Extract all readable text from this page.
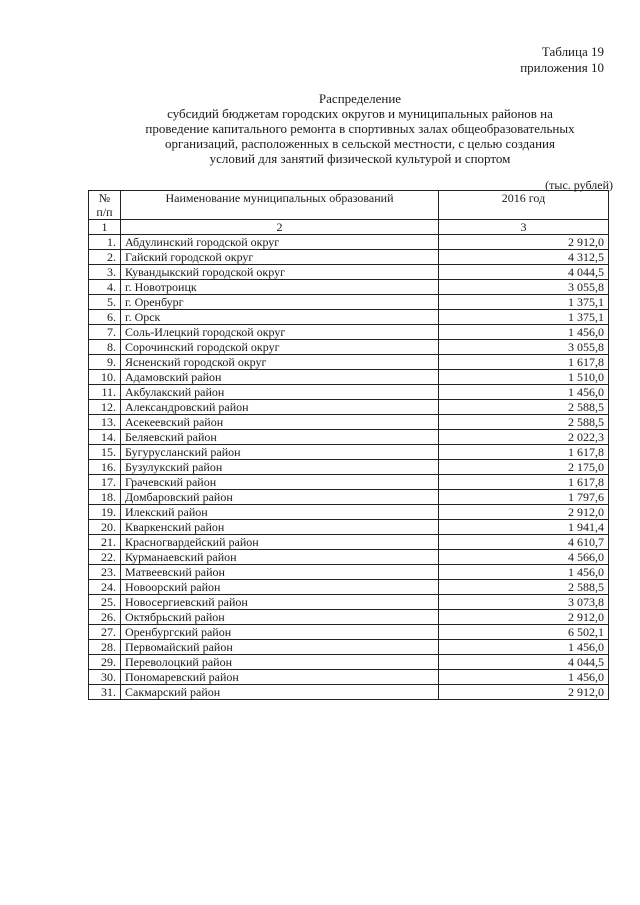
Таблица 19
приложения 10
Распределение
субсидий бюджетам городских округов и муниципальных районов на
проведение капитального ремонта в спортивных залах общеобразовательных
организаций, расположенных в сельской местности, с целью создания
условий для занятий физической культурой и спортом
(тыс. рублей)
№ п/п	Наименование муниципальных образований	2016 год
1	2	3
1.	Абдулинский городской округ	2 912,0
2.	Гайский городской округ	4 312,5
3.	Кувандыкский городской округ	4 044,5
4.	г. Новотроицк	3 055,8
5.	г. Оренбург	1 375,1
6.	г. Орск	1 375,1
7.	Соль-Илецкий городской округ	1 456,0
8.	Сорочинский городской округ	3 055,8
9.	Ясненский городской округ	1 617,8
10.	Адамовский район	1 510,0
11.	Акбулакский район	1 456,0
12.	Александровский район	2 588,5
13.	Асекеевский район	2 588,5
14.	Беляевский район	2 022,3
15.	Бугурусланский район	1 617,8
16.	Бузулукский район	2 175,0
17.	Грачевский район	1 617,8
18.	Домбаровский район	1 797,6
19.	Илекский район	2 912,0
20.	Кваркенский район	1 941,4
21.	Красногвардейский район	4 610,7
22.	Курманаевский район	4 566,0
23.	Матвеевский район	1 456,0
24.	Новоорский район	2 588,5
25.	Новосергиевский район	3 073,8
26.	Октябрьский район	2 912,0
27.	Оренбургский район	6 502,1
28.	Первомайский район	1 456,0
29.	Переволоцкий район	4 044,5
30.	Пономаревский район	1 456,0
31.	Сакмарский район	2 912,0
